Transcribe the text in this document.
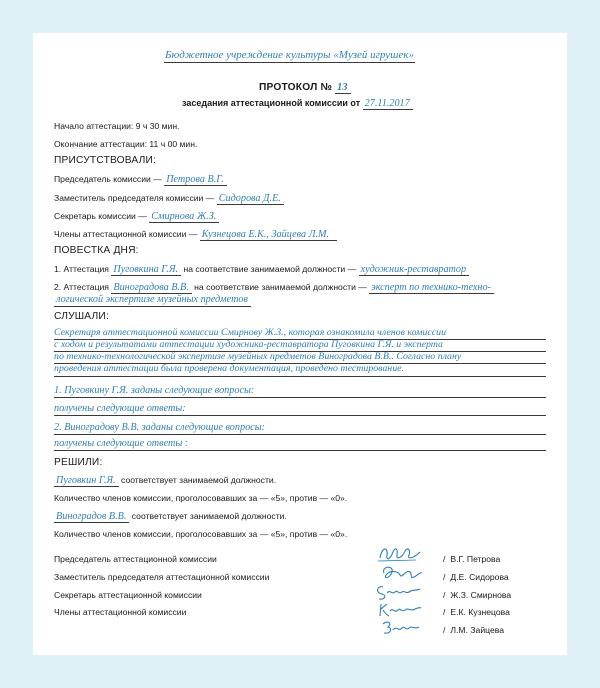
Бюджетное учреждение культуры «Музей игрушек»
ПРОТОКОЛ № 13
заседания аттестационной комиссии от 27.11.2017
Начало аттестации: 9 ч 30 мин.
Окончание аттестации: 11 ч 00 мин.
ПРИСУТСТВОВАЛИ:
Председатель комиссии — Петрова В.Г.
Заместитель председателя комиссии — Сидорова Д.Е.
Секретарь комиссии — Смирнова Ж.З.
Члены аттестационной комиссии — Кузнецова Е.К., Зайцева Л.М.
ПОВЕСТКА ДНЯ:
1. Аттестация Пуговкина Г.Я. на соответствие занимаемой должности — художник-реставратор
2. Аттестация Виноградова В.В. на соответствие занимаемой должности — эксперт по технико-техно-
логической экспертизе музейных предметов
СЛУШАЛИ:
Секретаря аттестационной комиссии Смирнову Ж.З., которая ознакомила членов комиссии
с ходом и результатами аттестации художника-реставратора Пуговкина Г.Я. и эксперта
по технико-технологической экспертизе музейных предметов Виноградова В.В.. Согласно плану
проведения аттестации была проверена документация, проведено тестирование.
1. Пуговкину Г.Я. заданы следующие вопросы:
получены следующие ответы:
2. Виноградову В.В. заданы следующие вопросы:
получены следующие ответы :
РЕШИЛИ:
Пуговкин Г.Я. соответствует занимаемой должности.
Количество членов комиссии, проголосовавших за — «5», против — «0».
Виноградов В.В. соответствует занимаемой должности.
Количество членов комиссии, проголосовавших за — «5», против — «0».
Председатель аттестационной комиссии
Заместитель председателя аттестационной комиссии
Секретарь аттестационной комиссии
Члены аттестационной комиссии
/ В.Г. Петрова
/ Д.Е. Сидорова
/ Ж.З. Смирнова
/ Е.К. Кузнецова
/ Л.М. Зайцева
